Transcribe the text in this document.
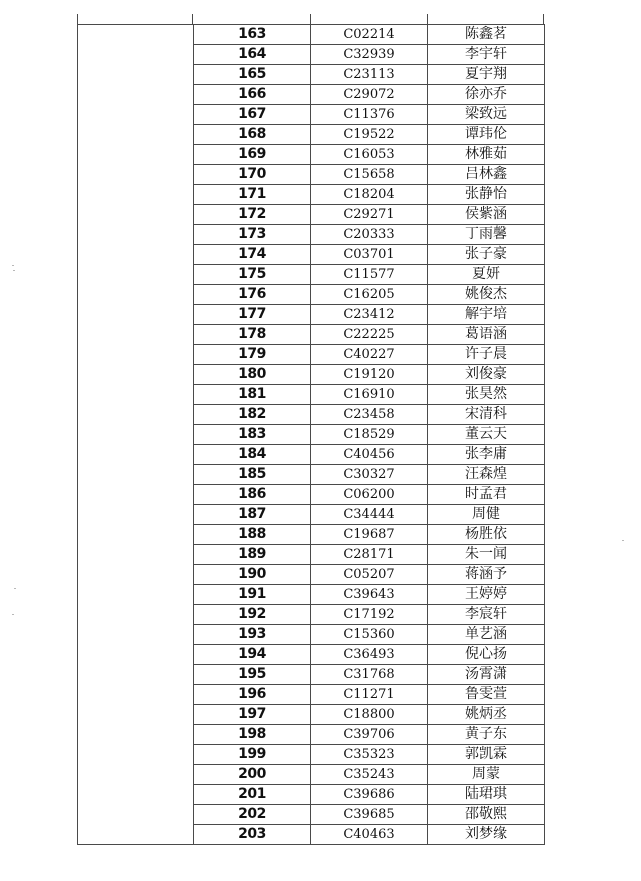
	163	C02214	陈鑫茗
	164	C32939	李宇轩
	165	C23113	夏宇翔
	166	C29072	徐亦乔
	167	C11376	梁致远
	168	C19522	谭玮伦
	169	C16053	林雅茹
	170	C15658	吕林鑫
	171	C18204	张静怡
	172	C29271	侯紫涵
	173	C20333	丁雨馨
	174	C03701	张子豪
	175	C11577	夏妍
	176	C16205	姚俊杰
	177	C23412	解宇培
	178	C22225	葛语涵
	179	C40227	许子晨
	180	C19120	刘俊豪
	181	C16910	张昊然
	182	C23458	宋清科
	183	C18529	董云天
	184	C40456	张李庸
	185	C30327	汪森煌
	186	C06200	时孟君
	187	C34444	周健
	188	C19687	杨胜依
	189	C28171	朱一闻
	190	C05207	蒋涵予
	191	C39643	王婷婷
	192	C17192	李宸轩
	193	C15360	单艺涵
	194	C36493	倪心扬
	195	C31768	汤霄潇
	196	C11271	鲁雯萱
	197	C18800	姚炳丞
	198	C39706	黄子东
	199	C35323	郭凯霖
	200	C35243	周蒙
	201	C39686	陆珺琪
	202	C39685	邵敬熙
	203	C40463	刘梦缘
